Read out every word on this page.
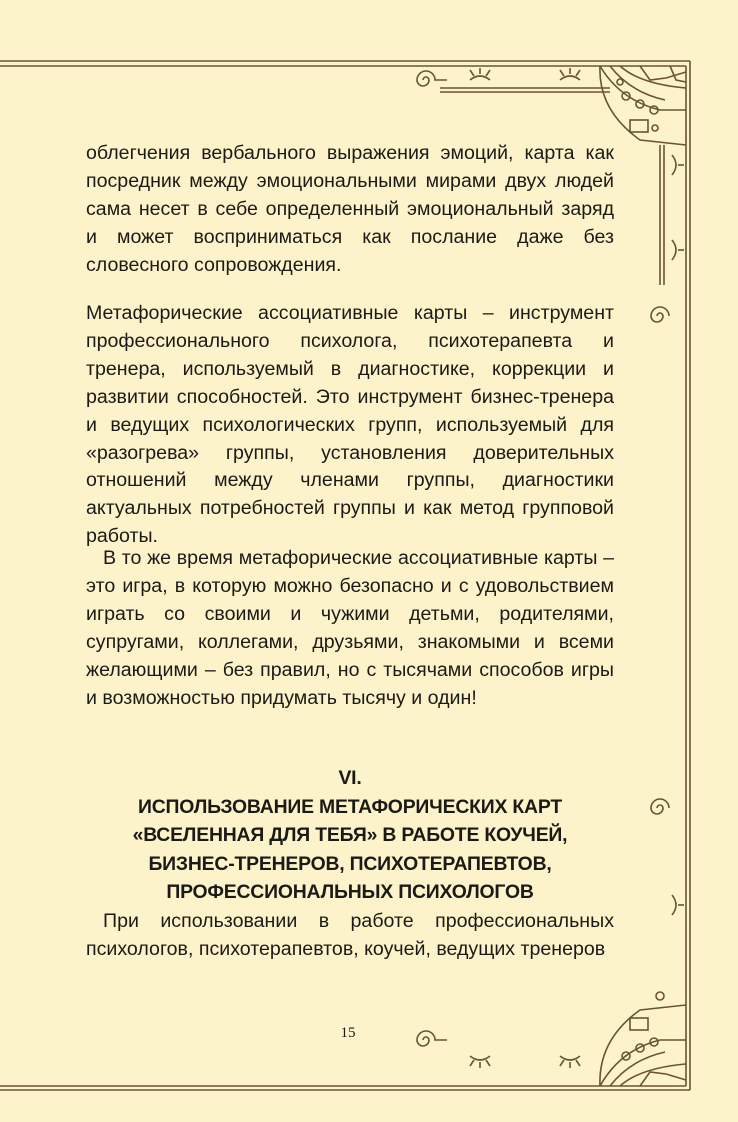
облегчения вербального выражения эмоций, карта как посредник между эмоциональными мирами двух людей сама несет в себе определенный эмоциональный заряд и может восприниматься как послание даже без словесного сопровождения.

Метафорические ассоциативные карты – инструмент профессионального психолога, психотерапевта и тренера, используемый в диагностике, коррекции и развитии способностей. Это инструмент бизнес-тренера и ведущих психологических групп, используемый для «разогрева» группы, установления доверительных отношений между членами группы, диагностики актуальных потребностей группы и как метод групповой работы.

В то же время метафорические ассоциативные карты – это игра, в которую можно безопасно и с удовольствием играть со своими и чужими детьми, родителями, супругами, коллегами, друзьями, знакомыми и всеми желающими – без правил, но с тысячами способов игры и возможностью придумать тысячу и один!

VI.
ИСПОЛЬЗОВАНИЕ МЕТАФОРИЧЕСКИХ КАРТ
«ВСЕЛЕННАЯ ДЛЯ ТЕБЯ» В РАБОТЕ КОУЧЕЙ,
БИЗНЕС-ТРЕНЕРОВ, ПСИХОТЕРАПЕВТОВ,
ПРОФЕССИОНАЛЬНЫХ ПСИХОЛОГОВ

При использовании в работе профессиональных психологов, психотерапевтов, коучей, ведущих тренеров

15
